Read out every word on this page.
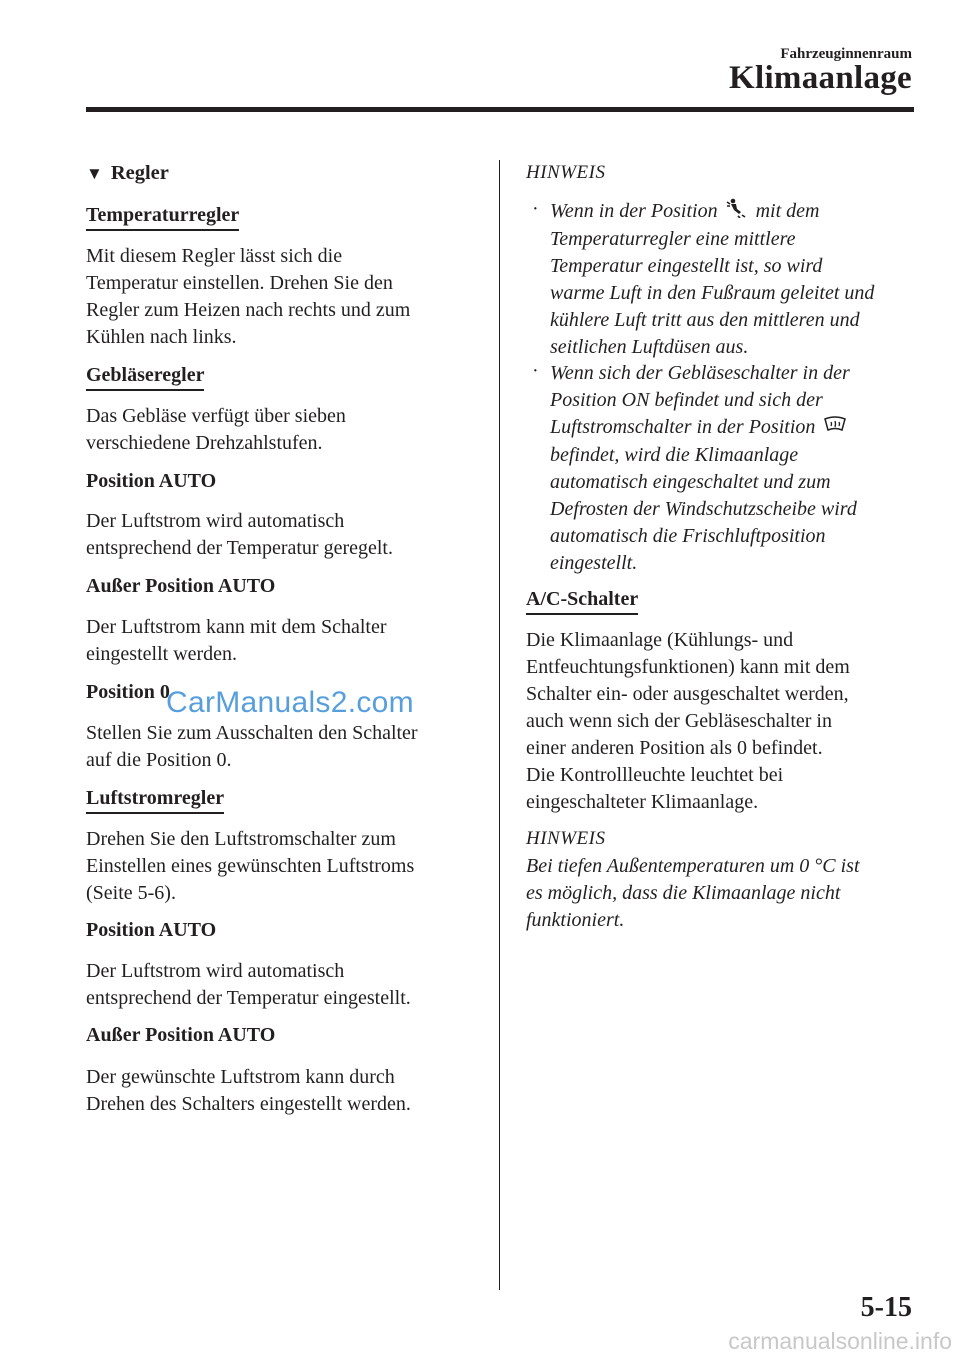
Fahrzeuginnenraum
Klimaanlage
▼ Regler
Temperaturregler
Mit diesem Regler lässt sich die
Temperatur einstellen. Drehen Sie den
Regler zum Heizen nach rechts und zum
Kühlen nach links.
Gebläseregler
Das Gebläse verfügt über sieben
verschiedene Drehzahlstufen.
Position AUTO
Der Luftstrom wird automatisch
entsprechend der Temperatur geregelt.
Außer Position AUTO
Der Luftstrom kann mit dem Schalter
eingestellt werden.
Position 0
Stellen Sie zum Ausschalten den Schalter
auf die Position 0.
Luftstromregler
Drehen Sie den Luftstromschalter zum
Einstellen eines gewünschten Luftstroms
(Seite 5-6).
Position AUTO
Der Luftstrom wird automatisch
entsprechend der Temperatur eingestellt.
Außer Position AUTO
Der gewünschte Luftstrom kann durch
Drehen des Schalters eingestellt werden.
HINWEIS
· Wenn in der Position mit dem
Temperaturregler eine mittlere
Temperatur eingestellt ist, so wird
warme Luft in den Fußraum geleitet und
kühlere Luft tritt aus den mittleren und
seitlichen Luftdüsen aus.
· Wenn sich der Gebläseschalter in der
Position ON befindet und sich der
Luftstromschalter in der Position
befindet, wird die Klimaanlage
automatisch eingeschaltet und zum
Defrosten der Windschutzscheibe wird
automatisch die Frischluftposition
eingestellt.
A/C-Schalter
Die Klimaanlage (Kühlungs- und
Entfeuchtungsfunktionen) kann mit dem
Schalter ein- oder ausgeschaltet werden,
auch wenn sich der Gebläseschalter in
einer anderen Position als 0 befindet.
Die Kontrollleuchte leuchtet bei
eingeschalteter Klimaanlage.
HINWEIS
Bei tiefen Außentemperaturen um 0 °C ist
es möglich, dass die Klimaanlage nicht
funktioniert.
CarManuals2.com
5-15
carmanualsonline.info
